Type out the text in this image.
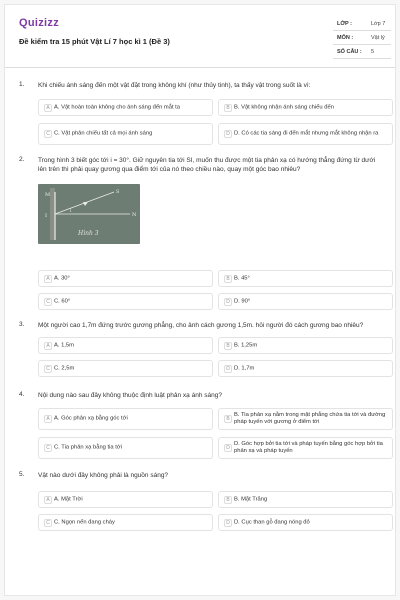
Quizizz
Đề kiểm tra 15 phút Vật Lí 7 học kì 1 (Đề 3)
LỚP :	Lớp 7
MÔN :	Vật lý
SỐ CÂU : 5
1. Khi chiếu ánh sáng đến một vật đặt trong không khí (như thủy tinh), ta thấy vật trong suốt là vì:
A A. Vật hoàn toàn không cho ánh sáng đến mắt ta	B B. Vật không nhận ánh sáng chiếu đến
C C. Vật phản chiếu tất cả mọi ánh sáng	D D. Có các tia sáng đi đến mắt nhưng mắt không nhận ra
2. Trong hình 3 biết góc tới i = 30°. Giữ nguyên tia tới SI, muốn thu được một tia phản xạ có hướng thẳng đứng từ dưới lên trên thì phải quay gương qua điểm tới của nó theo chiều nào, quay một góc bao nhiêu?
M	S
N
i
I
Hình 3
A A. 30°	B B. 45°
C C. 60°	D D. 90°
3. Một người cao 1,7m đứng trước gương phẳng, cho ảnh cách gương 1,5m. hỏi người đó cách gương bao nhiêu?
A A. 1,5m	B B. 1,25m
C C. 2,5m	D D. 1,7m
4. Nội dung nào sau đây không thuộc định luật phản xạ ánh sáng?
A A. Góc phản xạ bằng góc tới	B
B. Tia phản xạ nằm trong mặt phẳng chứa tia tới và đường pháp tuyến với gương ở điểm tới
C C. Tia phản xạ bằng tia tới	D
D. Góc hợp bởi tia tới và pháp tuyến bằng góc hợp bởi tia phản xạ và pháp tuyến
5. Vật nào dưới đây không phải là nguồn sáng?
A A. Mặt Trời	B B. Mặt Trăng
C C. Ngọn nến đang cháy	D D. Cục than gỗ đang nóng đỏ
